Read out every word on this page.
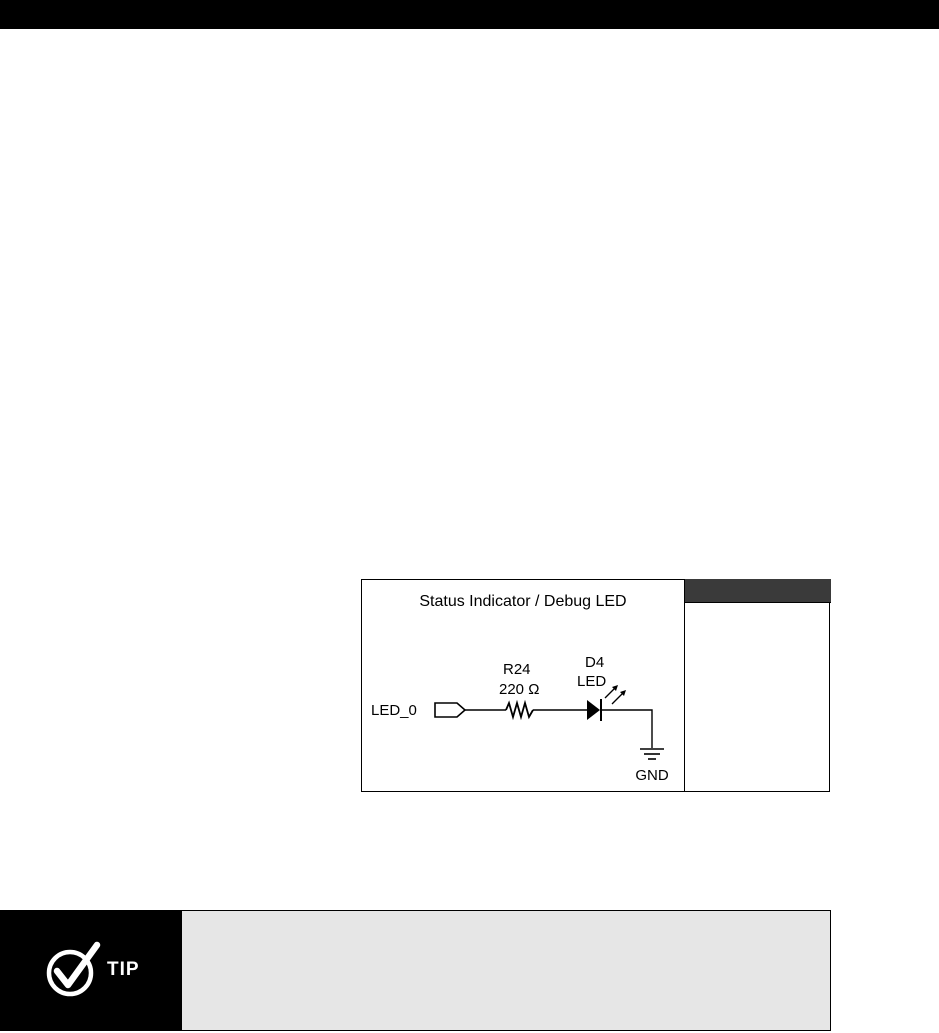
Status Indicator / Debug LED
LED_0
R24
220 Ω
D4
LED
GND
TIP
